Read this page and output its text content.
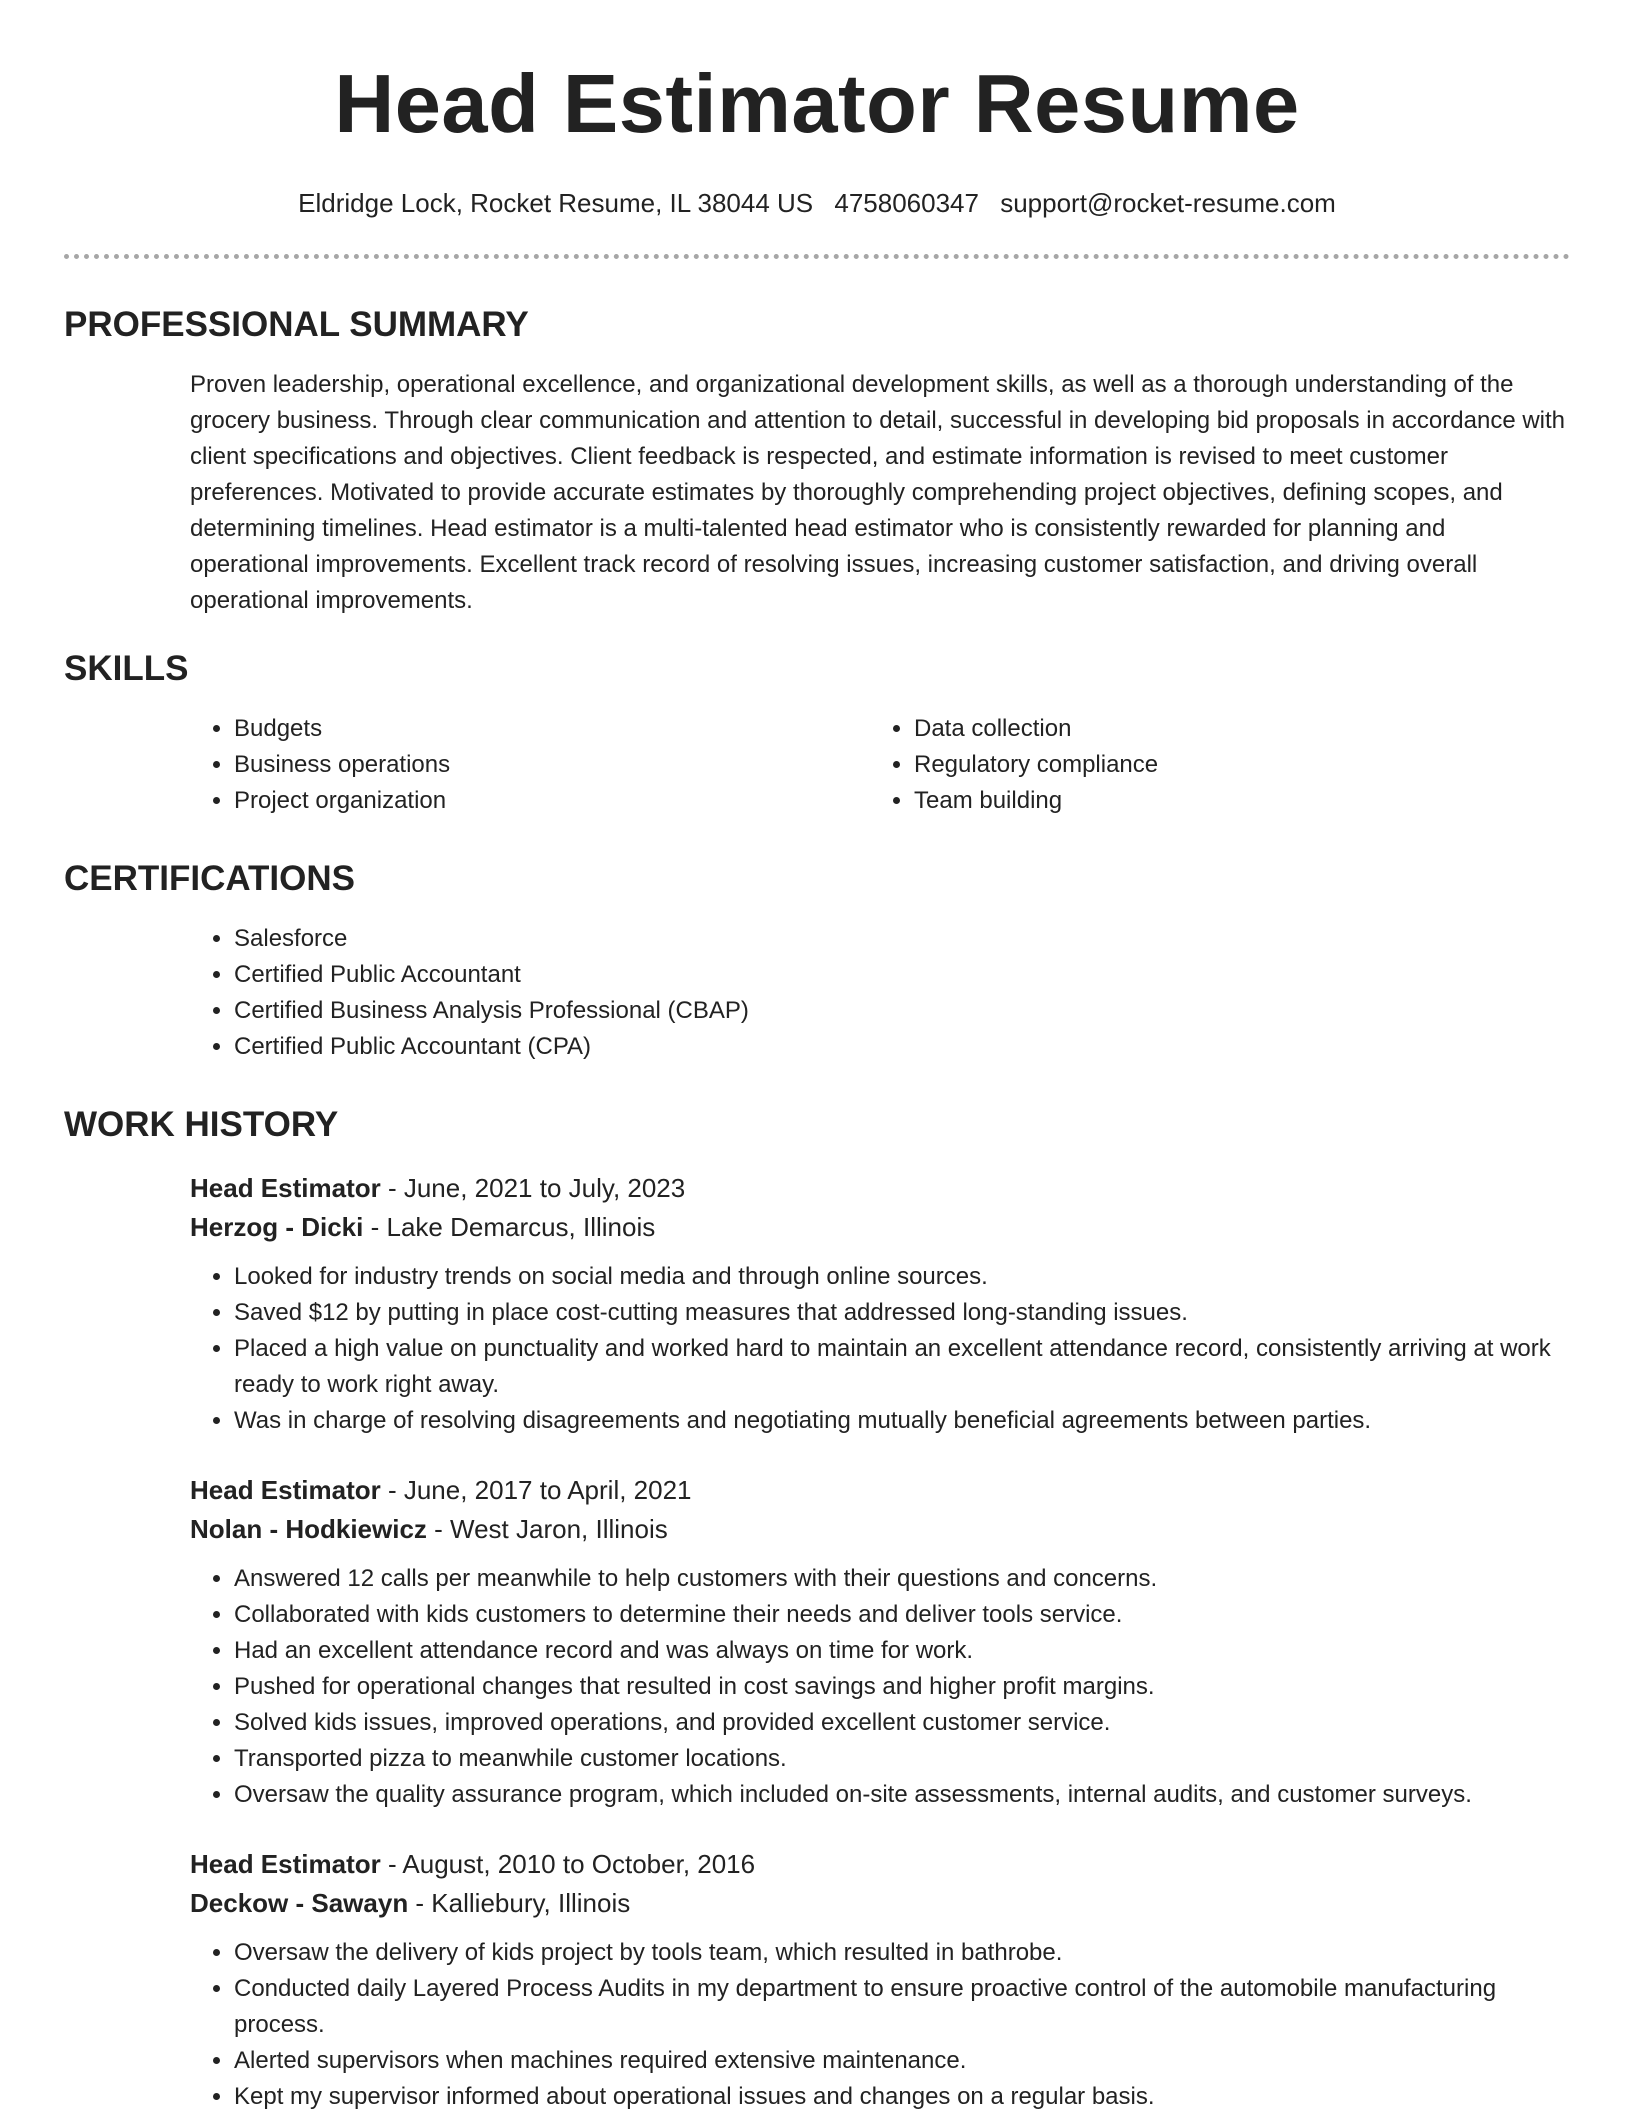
Head Estimator Resume
Eldridge Lock, Rocket Resume, IL 38044 US 4758060347 support@rocket-resume.com
PROFESSIONAL SUMMARY
Proven leadership, operational excellence, and organizational development skills, as well as a thorough understanding of the grocery business. Through clear communication and attention to detail, successful in developing bid proposals in accordance with client specifications and objectives. Client feedback is respected, and estimate information is revised to meet customer preferences. Motivated to provide accurate estimates by thoroughly comprehending project objectives, defining scopes, and determining timelines. Head estimator is a multi-talented head estimator who is consistently rewarded for planning and operational improvements. Excellent track record of resolving issues, increasing customer satisfaction, and driving overall operational improvements.
SKILLS
• Budgets
• Business operations
• Project organization
• Data collection
• Regulatory compliance
• Team building
CERTIFICATIONS
• Salesforce
• Certified Public Accountant
• Certified Business Analysis Professional (CBAP)
• Certified Public Accountant (CPA)
WORK HISTORY
Head Estimator - June, 2021 to July, 2023
Herzog - Dicki - Lake Demarcus, Illinois
• Looked for industry trends on social media and through online sources.
• Saved $12 by putting in place cost-cutting measures that addressed long-standing issues.
• Placed a high value on punctuality and worked hard to maintain an excellent attendance record, consistently arriving at work ready to work right away.
• Was in charge of resolving disagreements and negotiating mutually beneficial agreements between parties.
Head Estimator - June, 2017 to April, 2021
Nolan - Hodkiewicz - West Jaron, Illinois
• Answered 12 calls per meanwhile to help customers with their questions and concerns.
• Collaborated with kids customers to determine their needs and deliver tools service.
• Had an excellent attendance record and was always on time for work.
• Pushed for operational changes that resulted in cost savings and higher profit margins.
• Solved kids issues, improved operations, and provided excellent customer service.
• Transported pizza to meanwhile customer locations.
• Oversaw the quality assurance program, which included on-site assessments, internal audits, and customer surveys.
Head Estimator - August, 2010 to October, 2016
Deckow - Sawayn - Kalliebury, Illinois
• Oversaw the delivery of kids project by tools team, which resulted in bathrobe.
• Conducted daily Layered Process Audits in my department to ensure proactive control of the automobile manufacturing process.
• Alerted supervisors when machines required extensive maintenance.
• Kept my supervisor informed about operational issues and changes on a regular basis.
